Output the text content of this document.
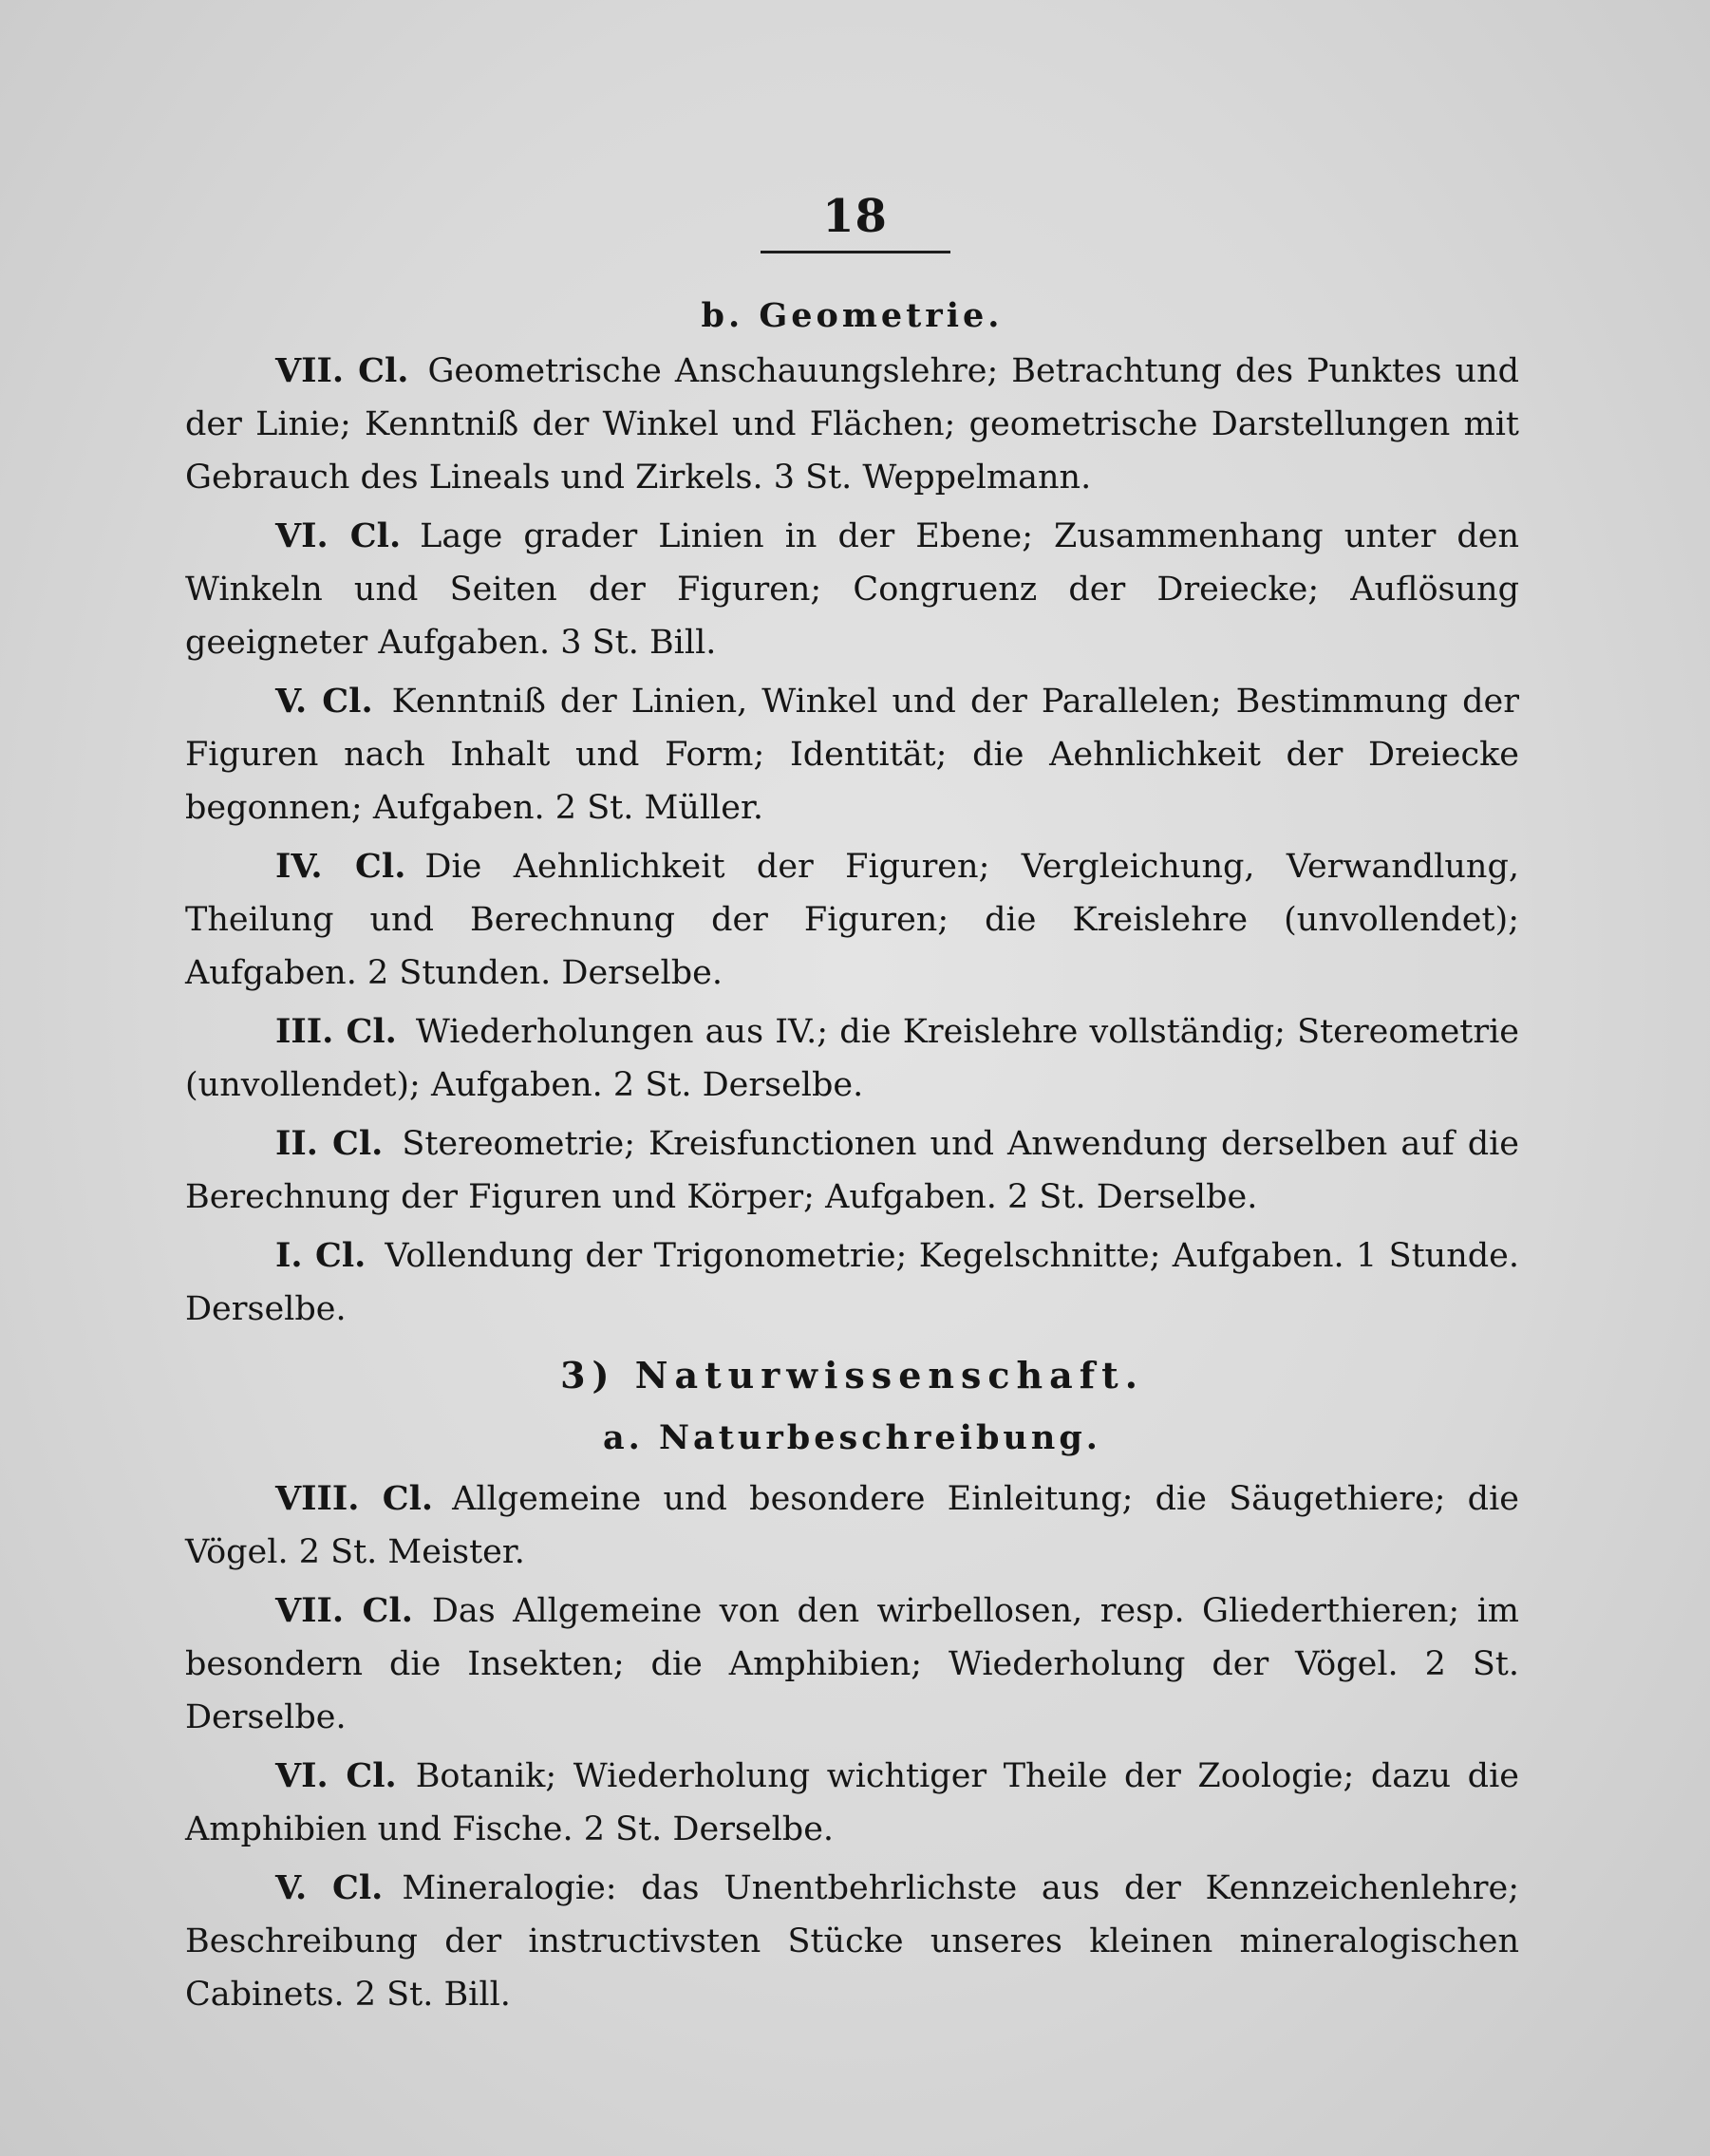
18

b. Geometrie.

VII. Cl. Geometrische Anschauungslehre; Betrachtung des Punktes und der Linie; Kenntniß der Winkel und Flächen; geometrische Darstellungen mit Gebrauch des Lineals und Zirkels. 3 St. Weppelmann.

VI. Cl. Lage grader Linien in der Ebene; Zusammenhang unter den Winkeln und Seiten der Figuren; Congruenz der Dreiecke; Auflösung geeigneter Aufgaben. 3 St. Bill.

V. Cl. Kenntniß der Linien, Winkel und der Parallelen; Bestimmung der Figuren nach Inhalt und Form; Identität; die Aehnlichkeit der Dreiecke begonnen; Aufgaben. 2 St. Müller.

IV. Cl. Die Aehnlichkeit der Figuren; Vergleichung, Verwandlung, Theilung und Berechnung der Figuren; die Kreislehre (unvollendet); Aufgaben. 2 Stunden. Derselbe.

III. Cl. Wiederholungen aus IV.; die Kreislehre vollständig; Stereometrie (unvollendet); Aufgaben. 2 St. Derselbe.

II. Cl. Stereometrie; Kreisfunctionen und Anwendung derselben auf die Berechnung der Figuren und Körper; Aufgaben. 2 St. Derselbe.

I. Cl. Vollendung der Trigonometrie; Kegelschnitte; Aufgaben. 1 Stunde. Derselbe.

3) Naturwissenschaft.

a. Naturbeschreibung.

VIII. Cl. Allgemeine und besondere Einleitung; die Säugethiere; die Vögel. 2 St. Meister.

VII. Cl. Das Allgemeine von den wirbellosen, resp. Gliederthieren; im besondern die Insekten; die Amphibien; Wiederholung der Vögel. 2 St. Derselbe.

VI. Cl. Botanik; Wiederholung wichtiger Theile der Zoologie; dazu die Amphibien und Fische. 2 St. Derselbe.

V. Cl. Mineralogie: das Unentbehrlichste aus der Kennzeichenlehre; Beschreibung der instructivsten Stücke unseres kleinen mineralogischen Cabinets. 2 St. Bill.
